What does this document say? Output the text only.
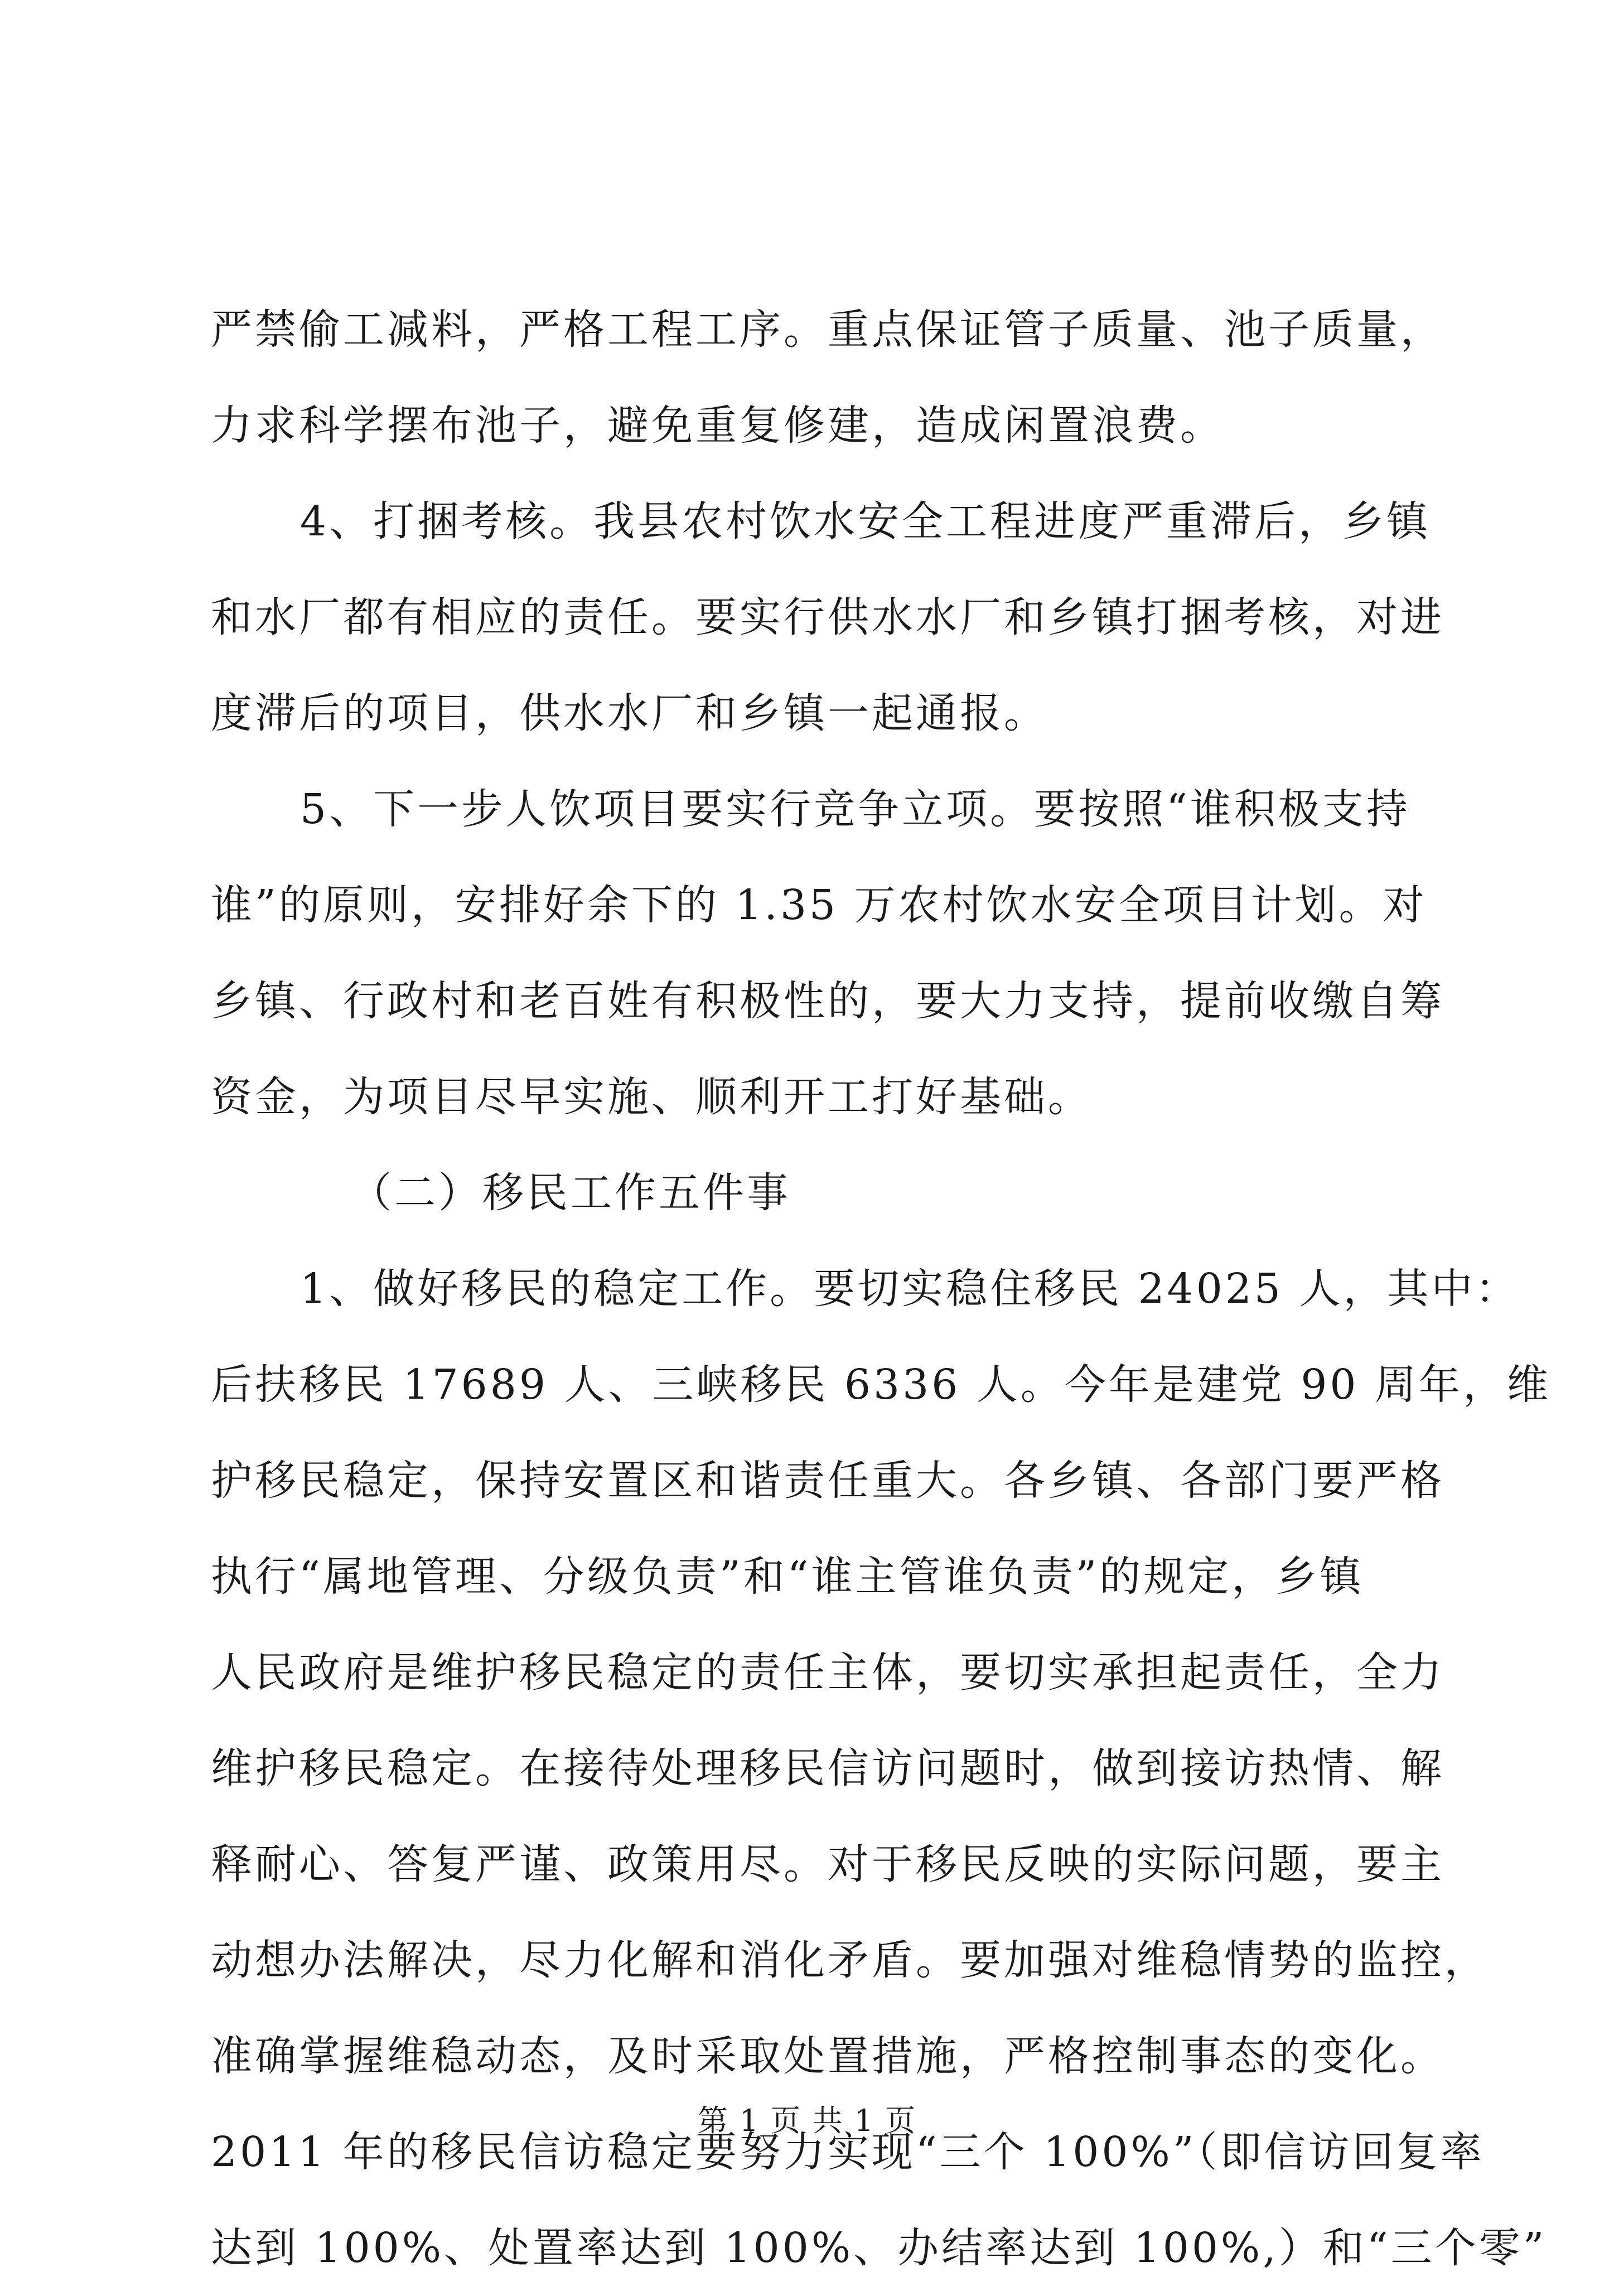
严禁偷工减料，严格工程工序。重点保证管子质量、池子质量，
力求科学摆布池子，避免重复修建，造成闲置浪费。
4、打捆考核。我县农村饮水安全工程进度严重滞后，乡镇
和水厂都有相应的责任。要实行供水水厂和乡镇打捆考核，对进
度滞后的项目，供水水厂和乡镇一起通报。
5、下一步人饮项目要实行竞争立项。要按照“谁积极支持
谁”的原则，安排好余下的 1.35 万农村饮水安全项目计划。对
乡镇、行政村和老百姓有积极性的，要大力支持，提前收缴自筹
资金，为项目尽早实施、顺利开工打好基础。
（二）移民工作五件事
1、做好移民的稳定工作。要切实稳住移民 24025 人，其中：
后扶移民 17689 人、三峡移民 6336 人。今年是建党 90 周年，维
护移民稳定，保持安置区和谐责任重大。各乡镇、各部门要严格
执行“属地管理、分级负责”和“谁主管谁负责”的规定，乡镇
人民政府是维护移民稳定的责任主体，要切实承担起责任，全力
维护移民稳定。在接待处理移民信访问题时，做到接访热情、解
释耐心、答复严谨、政策用尽。对于移民反映的实际问题，要主
动想办法解决，尽力化解和消化矛盾。要加强对维稳情势的监控，
准确掌握维稳动态，及时采取处置措施，严格控制事态的变化。
2011 年的移民信访稳定要努力实现“三个 100%”（即信访回复率
达到 100%、处置率达到 100%、办结率达到 100%,）和“三个零”
第 1 页 共 1 页
